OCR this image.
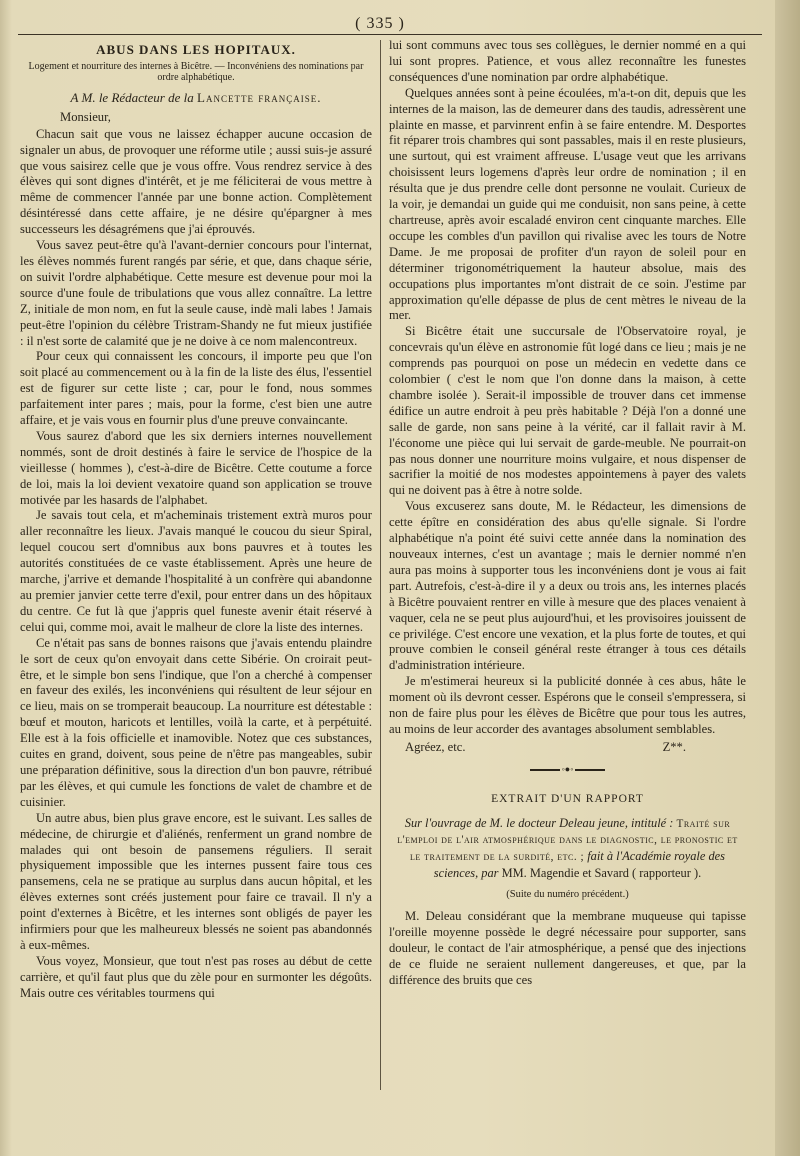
( 335 )
ABUS DANS LES HOPITAUX.
Logement et nourriture des internes à Bicêtre. — Inconvéniens des nominations par ordre alphabétique.
A M. le Rédacteur de la Lancette française.

Monsieur,

Chacun sait que vous ne laissez échapper aucune occasion de signaler un abus, de provoquer une réforme utile ; aussi suis-je assuré que vous saisirez celle que je vous offre. Vous rendrez service à des élèves qui sont dignes d'intérêt, et je me féliciterai de vous mettre à même de commencer l'année par une bonne action. Complètement désintéressé dans cette affaire, je ne désire qu'épargner à mes successeurs les désagrémens que j'ai éprouvés.

Vous savez peut-être qu'à l'avant-dernier concours pour l'internat, les élèves nommés furent rangés par série, et que, dans chaque série, on suivit l'ordre alphabétique. Cette mesure est devenue pour moi la source d'une foule de tribulations que vous allez connaître. La lettre Z, initiale de mon nom, en fut la seule cause, indè mali labes ! Jamais peut-être l'opinion du célèbre Tristram-Shandy ne fut mieux justifiée : il n'est sorte de calamité que je ne doive à ce nom malencontreux.

Pour ceux qui connaissent les concours, il importe peu que l'on soit placé au commencement ou à la fin de la liste des élus, l'essentiel est de figurer sur cette liste ; car, pour le fond, nous sommes parfaitement inter pares ; mais, pour la forme, c'est bien une autre affaire, et je vais vous en fournir plus d'une preuve convaincante.

Vous saurez d'abord que les six derniers internes nouvellement nommés, sont de droit destinés à faire le service de l'hospice de la vieillesse ( hommes ), c'est-à-dire de Bicêtre. Cette coutume a force de loi, mais la loi devient vexatoire quand son application se trouve motivée par les hasards de l'alphabet.

Je savais tout cela, et m'acheminais tristement extrà muros pour aller reconnaître les lieux. J'avais manqué le coucou du sieur Spiral, lequel coucou sert d'omnibus aux bons pauvres et à toutes les autorités constituées de ce vaste établissement. Après une heure de marche, j'arrive et demande l'hospitalité à un confrère qui abandonne au premier janvier cette terre d'exil, pour entrer dans un des hôpitaux du centre. Ce fut là que j'appris quel funeste avenir était réservé à celui qui, comme moi, avait le malheur de clore la liste des internes.

Ce n'était pas sans de bonnes raisons que j'avais entendu plaindre le sort de ceux qu'on envoyait dans cette Sibérie. On croirait peut-être, et le simple bon sens l'indique, que l'on a cherché à compenser en faveur des exilés, les inconvéniens qui résultent de leur séjour en ce lieu, mais on se tromperait beaucoup. La nourriture est détestable : bœuf et mouton, haricots et lentilles, voilà la carte, et à perpétuité. Elle est à la fois officielle et inamovible. Notez que ces substances, cuites en grand, doivent, sous peine de n'être pas mangeables, subir une préparation définitive, sous la direction d'un bon pauvre, rétribué par les élèves, et qui cumule les fonctions de valet de chambre et de cuisinier.

Un autre abus, bien plus grave encore, est le suivant. Les salles de médecine, de chirurgie et d'aliénés, renferment un grand nombre de malades qui ont besoin de pansemens réguliers. Il serait physiquement impossible que les internes pussent faire tous ces pansemens, cela ne se pratique au surplus dans aucun hôpital, et les élèves externes sont créés justement pour faire ce travail. Il n'y a point d'externes à Bicêtre, et les internes sont obligés de payer les infirmiers pour que les malheureux blessés ne soient pas abandonnés à eux-mêmes.

Vous voyez, Monsieur, que tout n'est pas roses au début de cette carrière, et qu'il faut plus que du zèle pour en surmonter les dégoûts. Mais outre ces véritables tourmens qui

lui sont communs avec tous ses collègues, le dernier nommé en a qui lui sont propres. Patience, et vous allez reconnaître les funestes conséquences d'une nomination par ordre alphabétique.

Quelques années sont à peine écoulées, m'a-t-on dit, depuis que les internes de la maison, las de demeurer dans des taudis, adressèrent une plainte en masse, et parvinrent enfin à se faire entendre. M. Desportes fit réparer trois chambres qui sont passables, mais il en reste plusieurs, une surtout, qui est vraiment affreuse. L'usage veut que les arrivans choisissent leurs logemens d'après leur ordre de nomination ; il en résulta que je dus prendre celle dont personne ne voulait. Curieux de la voir, je demandai un guide qui me conduisit, non sans peine, à cette chartreuse, après avoir escaladé environ cent cinquante marches. Elle occupe les combles d'un pavillon qui rivalise avec les tours de Notre Dame. Je me proposai de profiter d'un rayon de soleil pour en déterminer trigonométriquement la hauteur absolue, mais des occupations plus importantes m'ont distrait de ce soin. J'estime par approximation qu'elle dépasse de plus de cent mètres le niveau de la mer.

Si Bicêtre était une succursale de l'Observatoire royal, je concevrais qu'un élève en astronomie fût logé dans ce lieu ; mais je ne comprends pas pourquoi on pose un médecin en vedette dans ce colombier ( c'est le nom que l'on donne dans la maison, à cette chambre isolée ). Serait-il impossible de trouver dans cet immense édifice un autre endroit à peu près habitable ? Déjà l'on a donné une salle de garde, non sans peine à la vérité, car il fallait ravir à M. l'économe une pièce qui lui servait de garde-meuble. Ne pourrait-on pas nous donner une nourriture moins vulgaire, et nous dispenser de sacrifier la moitié de nos modestes appointemens à payer des valets qui ne doivent pas à être à notre solde.

Vous excuserez sans doute, M. le Rédacteur, les dimensions de cette épître en considération des abus qu'elle signale. Si l'ordre alphabétique n'a point été suivi cette année dans la nomination des nouveaux internes, c'est un avantage ; mais le dernier nommé n'en aura pas moins à supporter tous les inconvéniens dont je vous ai fait part. Autrefois, c'est-à-dire il y a deux ou trois ans, les internes placés à Bicêtre pouvaient rentrer en ville à mesure que des places venaient à vaquer, cela ne se peut plus aujourd'hui, et les provisoires jouissent de ce privilége. C'est encore une vexation, et la plus forte de toutes, et qui prouve combien le conseil général reste étranger à tous ces détails d'administration intérieure.

Je m'estimerai heureux si la publicité donnée à ces abus, hâte le moment où ils devront cesser. Espérons que le conseil s'empressera, si non de faire plus pour les élèves de Bicêtre que pour tous les autres, au moins de leur accorder des avantages absolument semblables.

Agréez, etc.	Z**.
◦●◦
EXTRAIT D'UN RAPPORT
Sur l'ouvrage de M. le docteur Deleau jeune, intitulé : Traité sur l'emploi de l'air atmosphérique dans le diagnostic, le pronostic et le traitement de la surdité, etc. ; fait à l'Académie royale des sciences, par MM. Magendie et Savard ( rapporteur ).
(Suite du numéro précédent.)

M. Deleau considérant que la membrane muqueuse qui tapisse l'oreille moyenne possède le degré nécessaire pour supporter, sans douleur, le contact de l'air atmosphérique, a pensé que des injections de ce fluide ne seraient nullement dangereuses, et que, par la différence des bruits que ces
